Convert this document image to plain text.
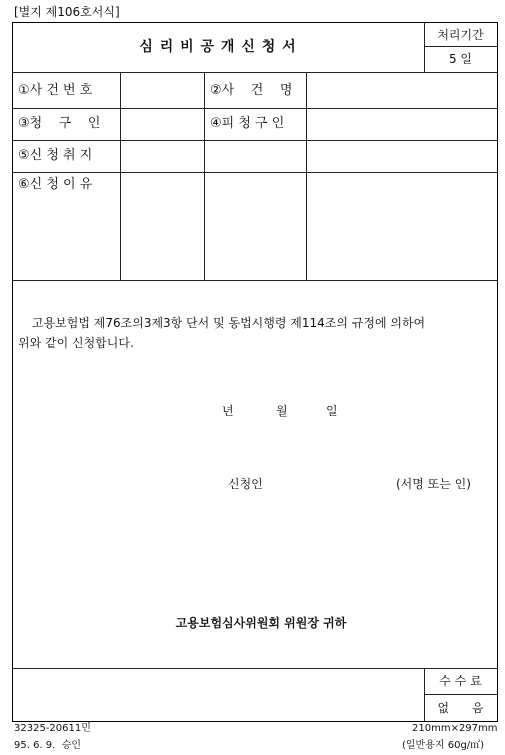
[별지 제106호서식]
심 리 비 공 개 신 청 서
처리기간
5 일
①사 건 번 호	②사    건    명
③청    구    인	④피 청 구 인
⑤신 청 취 지
⑥신 청 이 유
고용보험법 제76조의3제3항 단서 및 동법시행령 제114조의 규정에 의하여
위와 같이 신청합니다.
년	월	일
신청인	(서명 또는 인)
고용보험심사위원회 위원장 귀하
수 수 료
없      음
32325-20611민
95. 6. 9.  승인
210mm×297mm
(일반용지 60g/㎡)
